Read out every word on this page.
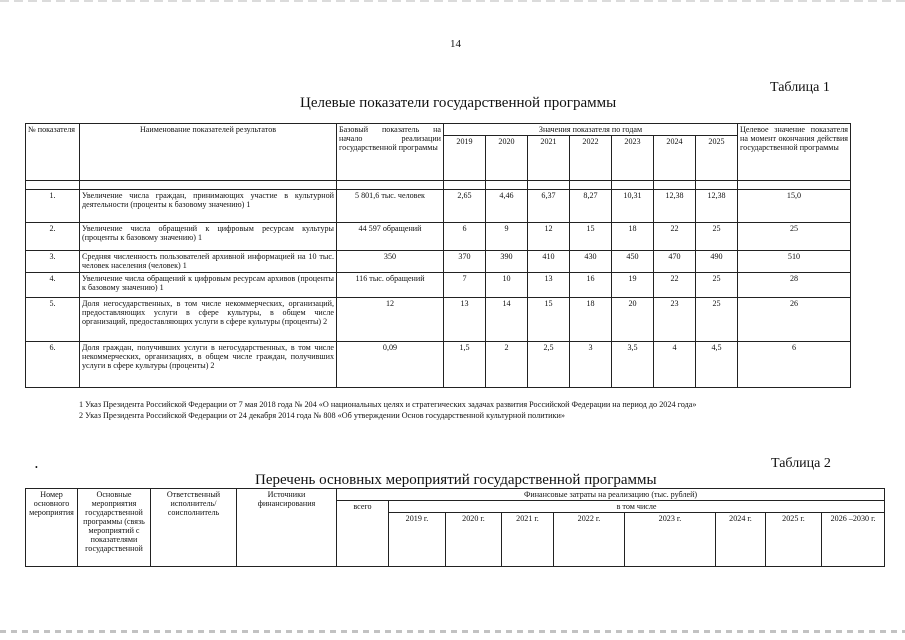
14
Таблица 1
Целевые показатели государственной программы
№ показателя	Наименование показателей результатов	Базовый показатель на начало реализации государственной программы	Значения показателя по годам							Целевое значение показателя на момент окончания действия государственной программы
			2019	2020	2021	2022	2023	2024	2025	

1.	Увеличение числа граждан, принимающих участие в культурной деятельности (проценты к базовому значению) 1	5 801,6 тыс. человек	2,65	4,46	6,37	8,27	10,31	12,38	12,38	15,0
2.	Увеличение числа обращений к цифровым ресурсам культуры (проценты к базовому значению) 1	44 597 обращений	6	9	12	15	18	22	25	25
3.	Средняя численность пользователей архивной информацией на 10 тыс. человек населения (человек) 1	350	370	390	410	430	450	470	490	510
4.	Увеличение числа обращений к цифровым ресурсам архивов (проценты к базовому значению) 1	116 тыс. обращений	7	10	13	16	19	22	25	28
5.	Доля негосударственных, в том числе некоммерческих, организаций, предоставляющих услуги в сфере культуры, в общем числе организаций, предоставляющих услуги в сфере культуры (проценты) 2	12	13	14	15	18	20	23	25	26
6.	Доля граждан, получивших услуги в негосударственных, в том числе некоммерческих, организациях, в общем числе граждан, получивших услуги в сфере культуры (проценты) 2	0,09	1,5	2	2,5	3	3,5	4	4,5	6
1 Указ Президента Российской Федерации от 7 мая 2018 года № 204 «О национальных целях и стратегических задачах развития Российской Федерации на период до 2024 года»
2 Указ Президента Российской Федерации от 24 декабря 2014 года № 808 «Об утверждении Основ государственной культурной политики»
•	Таблица 2
Перечень основных мероприятий государственной программы
Номер основного мероприятия	Основные мероприятия государственной программы (связь мероприятий с показателями государственной	Ответственный исполнитель/соисполнитель	Источники финансирования	Финансовые затраты на реализацию (тыс. рублей)								
				всего	в том числе							
					2019 г.	2020 г.	2021 г.	2022 г.	2023 г.	2024 г.	2025 г.	2026 –2030 г.
